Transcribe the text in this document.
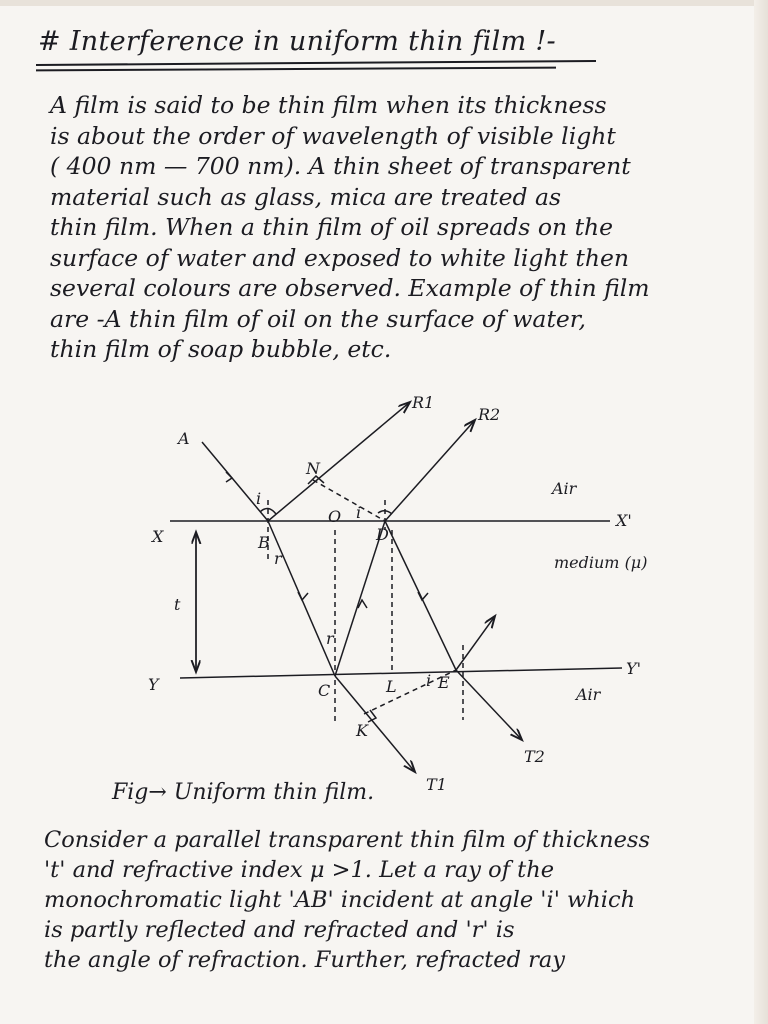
# Interference in uniform thin film !-
A film is said to be thin film when its thickness
is about the order of wavelength of visible light
( 400 nm — 700 nm). A thin sheet of transparent
material such as glass, mica are treated as
thin film. When a thin film of oil spreads on the
surface of water and exposed to white light then
several colours are observed. Example of thin film
are -A thin film of oil on the surface of water,
thin film of soap bubble, etc.
A
R1
R2
N
i
O i
X	B
r
D
X'
Air
medium (μ)
t
r
Y	C	L i E
Y'
Air
K
T2
T1
Fig→ Uniform thin film.
Consider a parallel transparent thin film of thickness
't' and refractive index μ >1. Let a ray of the
monochromatic light 'AB' incident at angle 'i' which
is partly reflected and refracted and 'r' is
the angle of refraction. Further, refracted ray
